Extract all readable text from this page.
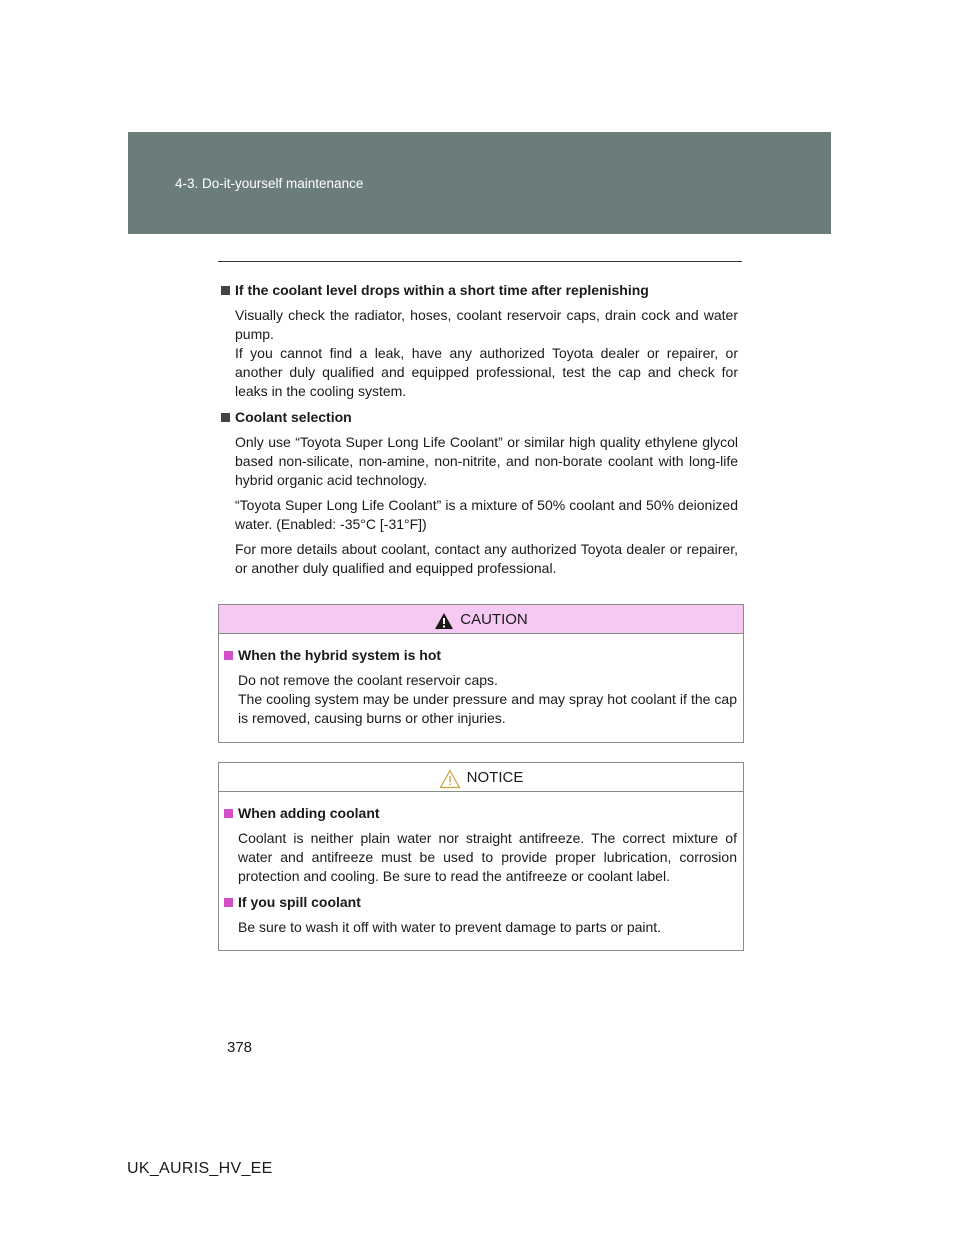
4-3. Do-it-yourself maintenance

If the coolant level drops within a short time after replenishing

Visually check the radiator, hoses, coolant reservoir caps, drain cock and water pump.

If you cannot find a leak, have any authorized Toyota dealer or repairer, or another duly qualified and equipped professional, test the cap and check for leaks in the cooling system.

Coolant selection

Only use “Toyota Super Long Life Coolant” or similar high quality ethylene glycol based non-silicate, non-amine, non-nitrite, and non-borate coolant with long-life hybrid organic acid technology.

“Toyota Super Long Life Coolant” is a mixture of 50% coolant and 50% deionized water. (Enabled: -35°C [-31°F])

For more details about coolant, contact any authorized Toyota dealer or repairer, or another duly qualified and equipped professional.

CAUTION

When the hybrid system is hot

Do not remove the coolant reservoir caps.

The cooling system may be under pressure and may spray hot coolant if the cap is removed, causing burns or other injuries.

NOTICE

When adding coolant

Coolant is neither plain water nor straight antifreeze. The correct mixture of water and antifreeze must be used to provide proper lubrication, corrosion protection and cooling. Be sure to read the antifreeze or coolant label.

If you spill coolant

Be sure to wash it off with water to prevent damage to parts or paint.

378
UK_AURIS_HV_EE
